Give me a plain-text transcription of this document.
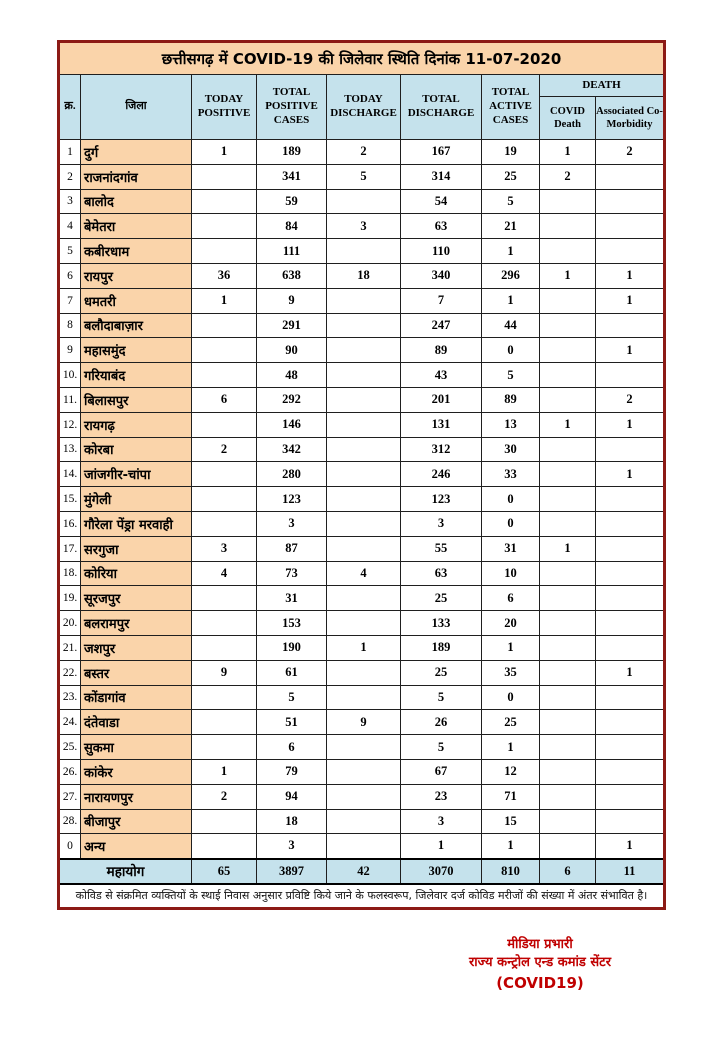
छत्तीसगढ़ में COVID-19 की जिलेवार स्थिति दिनांक 11-07-2020								
क्र.	जिला	TODAY POSITIVE	TOTAL POSITIVE CASES	TODAY DISCHARGE	TOTAL DISCHARGE	TOTAL ACTIVE CASES	DEATH	
							COVID Death	Associated Co-Morbidity
1	दुर्ग	1	189	2	167	19	1	2
2	राजनांदगांव		341	5	314	25	2	
3	बालोद		59		54	5		
4	बेमेतरा		84	3	63	21		
5	कबीरधाम		111		110	1		
6	रायपुर	36	638	18	340	296	1	1
7	धमतरी	1	9		7	1		1
8	बलौदाबाज़ार		291		247	44		
9	महासमुंद		90		89	0		1
10.	गरियाबंद		48		43	5		
11.	बिलासपुर	6	292		201	89		2
12.	रायगढ़		146		131	13	1	1
13.	कोरबा	2	342		312	30		
14.	जांजगीर-चांपा		280		246	33		1
15.	मुंगेली		123		123	0		
16.	गौरेला पेंड्रा मरवाही		3		3	0		
17.	सरगुजा	3	87		55	31	1	
18.	कोरिया	4	73	4	63	10		
19.	सूरजपुर		31		25	6		
20.	बलरामपुर		153		133	20		
21.	जशपुर		190	1	189	1		
22.	बस्तर	9	61		25	35		1
23.	कोंडागांव		5		5	0		
24.	दंतेवाडा		51	9	26	25		
25.	सुकमा		6		5	1		
26.	कांकेर	1	79		67	12		
27.	नारायणपुर	2	94		23	71		
28.	बीजापुर		18		3	15		
0	अन्य		3		1	1		1
महायोग		65	3897	42	3070	810	6	11
कोविड से संक्रमित व्यक्तियों के स्थाई निवास अनुसार प्रविष्टि किये जाने के फलस्वरूप, जिलेवार दर्ज कोविड मरीजों की संख्या में अंतर संभावित है।								
मीडिया प्रभारी
राज्य कन्ट्रोल एन्ड कमांड सेंटर
(COVID19)
